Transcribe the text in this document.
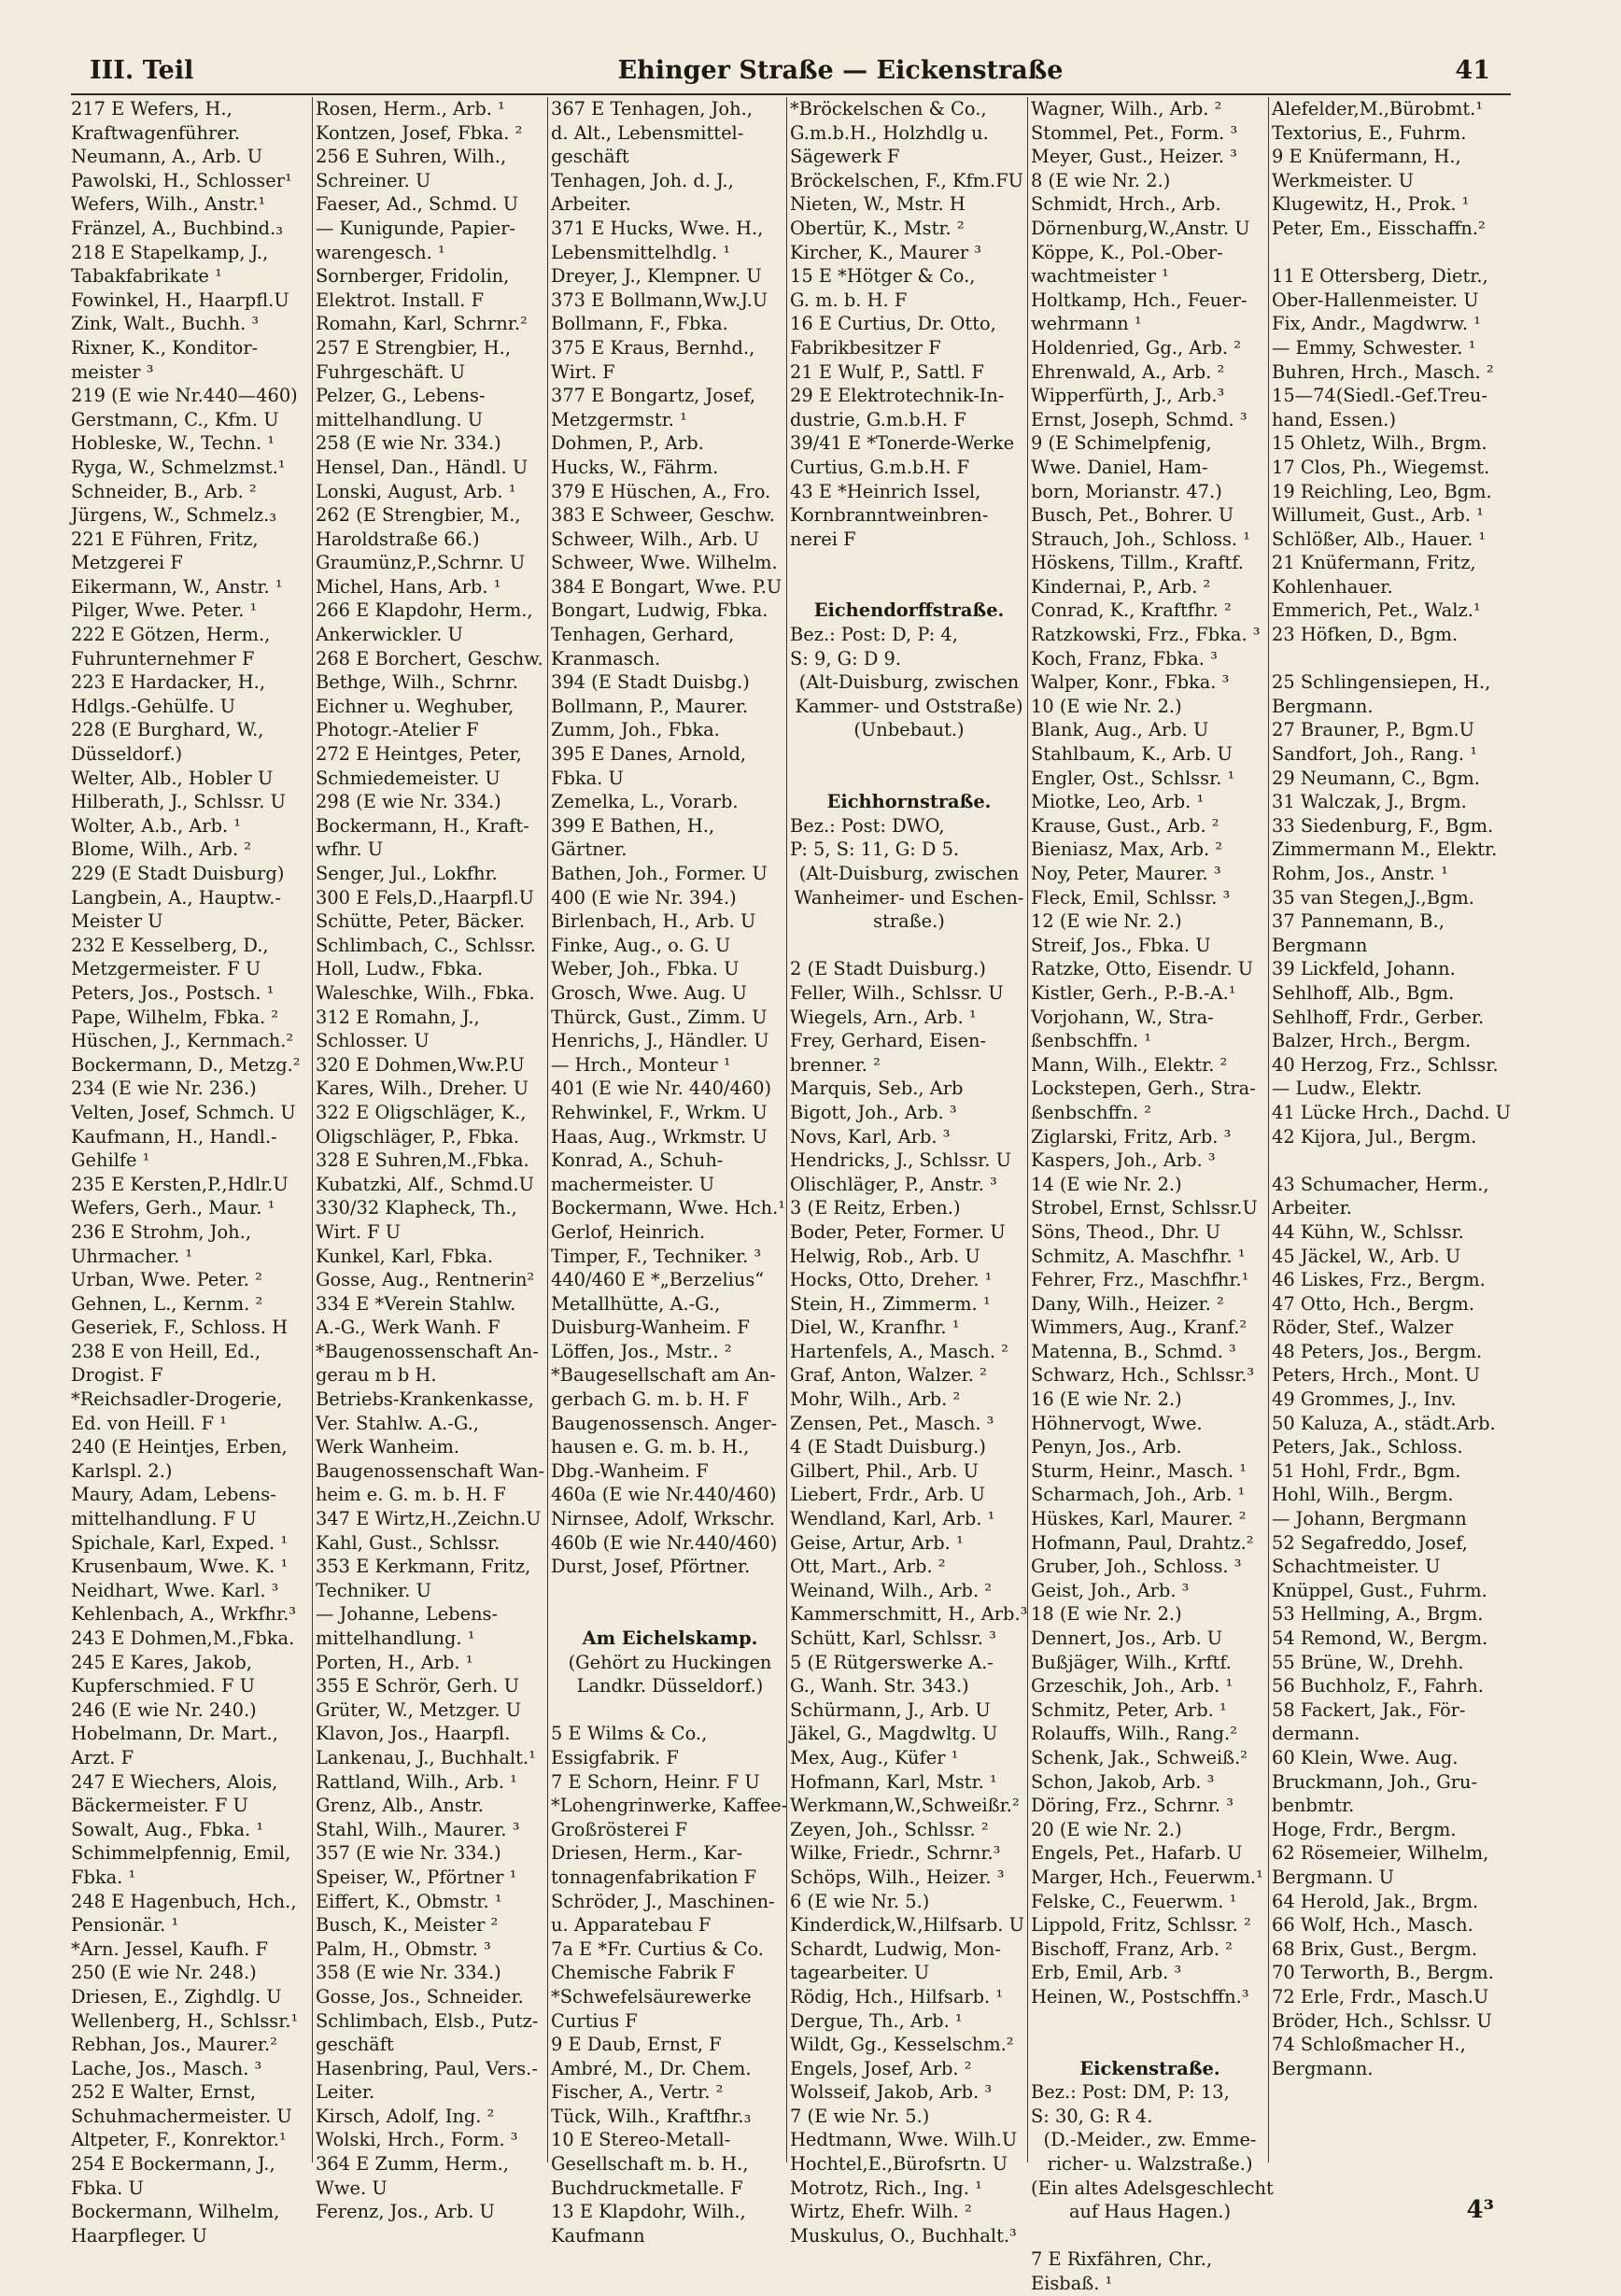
III. Teil	Ehinger Straße — Eickenstraße	41
217 E Wefers, H.,
Kraftwagenführer.
Neumann, A., Arb. U
Pawolski, H., Schlosser¹
Wefers, Wilh., Anstr.¹
Fränzel, A., Buchbind.₃
218 E Stapelkamp, J.,
Tabakfabrikate ¹
Fowinkel, H., Haarpfl.U
Zink, Walt., Buchh. ³
Rixner, K., Konditor-
meister ³
219 (E wie Nr.440—460)
Gerstmann, C., Kfm. U
Hobleske, W., Techn. ¹
Ryga, W., Schmelzmst.¹
Schneider, B., Arb. ²
Jürgens, W., Schmelz.₃
221 E Führen, Fritz,
Metzgerei F
Eikermann, W., Anstr. ¹
Pilger, Wwe. Peter. ¹
222 E Götzen, Herm.,
Fuhrunternehmer F
223 E Hardacker, H.,
Hdlgs.-Gehülfe. U
228 (E Burghard, W.,
Düsseldorf.)
Welter, Alb., Hobler U
Hilberath, J., Schlssr. U
Wolter, A.b., Arb. ¹
Blome, Wilh., Arb. ²
229 (E Stadt Duisburg)
Langbein, A., Hauptw.-
Meister U
232 E Kesselberg, D.,
Metzgermeister. F U
Peters, Jos., Postsch. ¹
Pape, Wilhelm, Fbka. ²
Hüschen, J., Kernmach.²
Bockermann, D., Metzg.²
234 (E wie Nr. 236.)
Velten, Josef, Schmch. U
Kaufmann, H., Handl.-
Gehilfe ¹
235 E Kersten,P.,Hdlr.U
Wefers, Gerh., Maur. ¹
236 E Strohm, Joh.,
Uhrmacher. ¹
Urban, Wwe. Peter. ²
Gehnen, L., Kernm. ²
Geseriek, F., Schloss. H
238 E von Heill, Ed.,
Drogist. F
*Reichsadler-Drogerie,
Ed. von Heill. F ¹
240 (E Heintjes, Erben,
Karlspl. 2.)
Maury, Adam, Lebens-
mittelhandlung. F U
Spichale, Karl, Exped. ¹
Krusenbaum, Wwe. K. ¹
Neidhart, Wwe. Karl. ³
Kehlenbach, A., Wrkfhr.³
243 E Dohmen,M.,Fbka.
245 E Kares, Jakob,
Kupferschmied. F U
246 (E wie Nr. 240.)
Hobelmann, Dr. Mart.,
Arzt. F
247 E Wiechers, Alois,
Bäckermeister. F U
Sowalt, Aug., Fbka. ¹
Schimmelpfennig, Emil,
Fbka. ¹
248 E Hagenbuch, Hch.,
Pensionär. ¹
*Arn. Jessel, Kaufh. F
250 (E wie Nr. 248.)
Driesen, E., Zighdlg. U
Wellenberg, H., Schlssr.¹
Rebhan, Jos., Maurer.²
Lache, Jos., Masch. ³
252 E Walter, Ernst,
Schuhmachermeister. U
Altpeter, F., Konrektor.¹
254 E Bockermann, J.,
Fbka. U
Bockermann, Wilhelm,
Haarpfleger. U
Rosen, Herm., Arb. ¹
Kontzen, Josef, Fbka. ²
256 E Suhren, Wilh.,
Schreiner. U
Faeser, Ad., Schmd. U
— Kunigunde, Papier-
warengesch. ¹
Sornberger, Fridolin,
Elektrot. Install. F
Romahn, Karl, Schrnr.²
257 E Strengbier, H.,
Fuhrgeschäft. U
Pelzer, G., Lebens-
mittelhandlung. U
258 (E wie Nr. 334.)
Hensel, Dan., Händl. U
Lonski, August, Arb. ¹
262 (E Strengbier, M.,
Haroldstraße 66.)
Graumünz,P.,Schrnr. U
Michel, Hans, Arb. ¹
266 E Klapdohr, Herm.,
Ankerwickler. U
268 E Borchert, Geschw.
Bethge, Wilh., Schrnr.
Eichner u. Weghuber,
Photogr.-Atelier F
272 E Heintges, Peter,
Schmiedemeister. U
298 (E wie Nr. 334.)
Bockermann, H., Kraft-
wfhr. U
Senger, Jul., Lokfhr.
300 E Fels,D.,Haarpfl.U
Schütte, Peter, Bäcker.
Schlimbach, C., Schlssr.
Holl, Ludw., Fbka.
Waleschke, Wilh., Fbka.
312 E Romahn, J.,
Schlosser. U
320 E Dohmen,Ww.P.U
Kares, Wilh., Dreher. U
322 E Oligschläger, K.,
Oligschläger, P., Fbka.
328 E Suhren,M.,Fbka.
Kubatzki, Alf., Schmd.U
330/32 Klapheck, Th.,
Wirt. F U
Kunkel, Karl, Fbka.
Gosse, Aug., Rentnerin²
334 E *Verein Stahlw.
A.-G., Werk Wanh. F
*Baugenossenschaft An-
gerau m b H.
Betriebs-Krankenkasse,
Ver. Stahlw. A.-G.,
Werk Wanheim.
Baugenossenschaft Wan-
heim e. G. m. b. H. F
347 E Wirtz,H.,Zeichn.U
Kahl, Gust., Schlssr.
353 E Kerkmann, Fritz,
Techniker. U
— Johanne, Lebens-
mittelhandlung. ¹
Porten, H., Arb. ¹
355 E Schrör, Gerh. U
Grüter, W., Metzger. U
Klavon, Jos., Haarpfl.
Lankenau, J., Buchhalt.¹
Rattland, Wilh., Arb. ¹
Grenz, Alb., Anstr.
Stahl, Wilh., Maurer. ³
357 (E wie Nr. 334.)
Speiser, W., Pförtner ¹
Eiffert, K., Obmstr. ¹
Busch, K., Meister ²
Palm, H., Obmstr. ³
358 (E wie Nr. 334.)
Gosse, Jos., Schneider.
Schlimbach, Elsb., Putz-
geschäft
Hasenbring, Paul, Vers.-
Leiter.
Kirsch, Adolf, Ing. ²
Wolski, Hrch., Form. ³
364 E Zumm, Herm.,
Wwe. U
Ferenz, Jos., Arb. U
367 E Tenhagen, Joh.,
d. Alt., Lebensmittel-
geschäft
Tenhagen, Joh. d. J.,
Arbeiter.
371 E Hucks, Wwe. H.,
Lebensmittelhdlg. ¹
Dreyer, J., Klempner. U
373 E Bollmann,Ww.J.U
Bollmann, F., Fbka.
375 E Kraus, Bernhd.,
Wirt. F
377 E Bongartz, Josef,
Metzgermstr. ¹
Dohmen, P., Arb.
Hucks, W., Fährm.
379 E Hüschen, A., Fro.
383 E Schweer, Geschw.
Schweer, Wilh., Arb. U
Schweer, Wwe. Wilhelm.
384 E Bongart, Wwe. P.U
Bongart, Ludwig, Fbka.
Tenhagen, Gerhard,
Kranmasch.
394 (E Stadt Duisbg.)
Bollmann, P., Maurer.
Zumm, Joh., Fbka.
395 E Danes, Arnold,
Fbka. U
Zemelka, L., Vorarb.
399 E Bathen, H.,
Gärtner.
Bathen, Joh., Former. U
400 (E wie Nr. 394.)
Birlenbach, H., Arb. U
Finke, Aug., o. G. U
Weber, Joh., Fbka. U
Grosch, Wwe. Aug. U
Thürck, Gust., Zimm. U
Henrichs, J., Händler. U
— Hrch., Monteur ¹
401 (E wie Nr. 440/460)
Rehwinkel, F., Wrkm. U
Haas, Aug., Wrkmstr. U
Konrad, A., Schuh-
machermeister. U
Bockermann, Wwe. Hch.¹
Gerlof, Heinrich.
Timper, F., Techniker. ³
440/460 E *„Berzelius“
Metallhütte, A.-G.,
Duisburg-Wanheim. F
Löffen, Jos., Mstr.. ²
*Baugesellschaft am An-
gerbach G. m. b. H. F
Baugenossensch. Anger-
hausen e. G. m. b. H.,
Dbg.-Wanheim. F
460a (E wie Nr.440/460)
Nirnsee, Adolf, Wrkschr.
460b (E wie Nr.440/460)
Durst, Josef, Pförtner.
Am Eichelskamp.
(Gehört zu Huckingen
Landkr. Düsseldorf.)
5 E Wilms & Co.,
Essigfabrik. F
7 E Schorn, Heinr. F U
*Lohengrinwerke, Kaffee-
Großrösterei F
Driesen, Herm., Kar-
tonnagenfabrikation F
Schröder, J., Maschinen-
u. Apparatebau F
7a E *Fr. Curtius & Co.
Chemische Fabrik F
*Schwefelsäurewerke
Curtius F
9 E Daub, Ernst, F
Ambré, M., Dr. Chem.
Fischer, A., Vertr. ²
Tück, Wilh., Kraftfhr.₃
10 E Stereo-Metall-
Gesellschaft m. b. H.,
Buchdruckmetalle. F
13 E Klapdohr, Wilh.,
Kaufmann
*Bröckelschen & Co.,
G.m.b.H., Holzhdlg u.
Sägewerk F
Bröckelschen, F., Kfm.FU
Nieten, W., Mstr. H
Obertür, K., Mstr. ²
Kircher, K., Maurer ³
15 E *Hötger & Co.,
G. m. b. H. F
16 E Curtius, Dr. Otto,
Fabrikbesitzer F
21 E Wulf, P., Sattl. F
29 E Elektrotechnik-In-
dustrie, G.m.b.H. F
39/41 E *Tonerde-Werke
Curtius, G.m.b.H. F
43 E *Heinrich Issel,
Kornbranntweinbren-
nerei F
Eichendorffstraße.
Bez.: Post: D, P: 4,
S: 9, G: D 9.
(Alt-Duisburg, zwischen
Kammer- und Oststraße)
(Unbebaut.)
Eichhornstraße.
Bez.: Post: DWO,
P: 5, S: 11, G: D 5.
(Alt-Duisburg, zwischen
Wanheimer- und Eschen-
straße.)
2 (E Stadt Duisburg.)
Feller, Wilh., Schlssr. U
Wiegels, Arn., Arb. ¹
Frey, Gerhard, Eisen-
brenner. ²
Marquis, Seb., Arb
Bigott, Joh., Arb. ³
Novs, Karl, Arb. ³
Hendricks, J., Schlssr. U
Olischläger, P., Anstr. ³
3 (E Reitz, Erben.)
Boder, Peter, Former. U
Helwig, Rob., Arb. U
Hocks, Otto, Dreher. ¹
Stein, H., Zimmerm. ¹
Diel, W., Kranfhr. ¹
Hartenfels, A., Masch. ²
Graf, Anton, Walzer. ²
Mohr, Wilh., Arb. ²
Zensen, Pet., Masch. ³
4 (E Stadt Duisburg.)
Gilbert, Phil., Arb. U
Liebert, Frdr., Arb. U
Wendland, Karl, Arb. ¹
Geise, Artur, Arb. ¹
Ott, Mart., Arb. ²
Weinand, Wilh., Arb. ²
Kammerschmitt, H., Arb.³
Schütt, Karl, Schlssr. ³
5 (E Rütgerswerke A.-
G., Wanh. Str. 343.)
Schürmann, J., Arb. U
Jäkel, G., Magdwltg. U
Mex, Aug., Küfer ¹
Hofmann, Karl, Mstr. ¹
Werkmann,W.,Schweißr.²
Zeyen, Joh., Schlssr. ²
Wilke, Friedr., Schrnr.³
Schöps, Wilh., Heizer. ³
6 (E wie Nr. 5.)
Kinderdick,W.,Hilfsarb. U
Schardt, Ludwig, Mon-
tagearbeiter. U
Rödig, Hch., Hilfsarb. ¹
Dergue, Th., Arb. ¹
Wildt, Gg., Kesselschm.²
Engels, Josef, Arb. ²
Wolsseif, Jakob, Arb. ³
7 (E wie Nr. 5.)
Hedtmann, Wwe. Wilh.U
Hochtel,E.,Bürofsrtn. U
Motrotz, Rich., Ing. ¹
Wirtz, Ehefr. Wilh. ²
Muskulus, O., Buchhalt.³
Wagner, Wilh., Arb. ²
Stommel, Pet., Form. ³
Meyer, Gust., Heizer. ³
8 (E wie Nr. 2.)
Schmidt, Hrch., Arb.
Dörnenburg,W.,Anstr. U
Köppe, K., Pol.-Ober-
wachtmeister ¹
Holtkamp, Hch., Feuer-
wehrmann ¹
Holdenried, Gg., Arb. ²
Ehrenwald, A., Arb. ²
Wipperfürth, J., Arb.³
Ernst, Joseph, Schmd. ³
9 (E Schimelpfenig,
Wwe. Daniel, Ham-
born, Morianstr. 47.)
Busch, Pet., Bohrer. U
Strauch, Joh., Schloss. ¹
Höskens, Tillm., Kraftf.
Kindernai, P., Arb. ²
Conrad, K., Kraftfhr. ²
Ratzkowski, Frz., Fbka. ³
Koch, Franz, Fbka. ³
Walper, Konr., Fbka. ³
10 (E wie Nr. 2.)
Blank, Aug., Arb. U
Stahlbaum, K., Arb. U
Engler, Ost., Schlssr. ¹
Miotke, Leo, Arb. ¹
Krause, Gust., Arb. ²
Bieniasz, Max, Arb. ²
Noy, Peter, Maurer. ³
Fleck, Emil, Schlssr. ³
12 (E wie Nr. 2.)
Streif, Jos., Fbka. U
Ratzke, Otto, Eisendr. U
Kistler, Gerh., P.-B.-A.¹
Vorjohann, W., Stra-
ßenbschffn. ¹
Mann, Wilh., Elektr. ²
Lockstepen, Gerh., Stra-
ßenbschffn. ²
Ziglarski, Fritz, Arb. ³
Kaspers, Joh., Arb. ³
14 (E wie Nr. 2.)
Strobel, Ernst, Schlssr.U
Söns, Theod., Dhr. U
Schmitz, A. Maschfhr. ¹
Fehrer, Frz., Maschfhr.¹
Dany, Wilh., Heizer. ²
Wimmers, Aug., Kranf.²
Matenna, B., Schmd. ³
Schwarz, Hch., Schlssr.³
16 (E wie Nr. 2.)
Höhnervogt, Wwe.
Penyn, Jos., Arb.
Sturm, Heinr., Masch. ¹
Scharmach, Joh., Arb. ¹
Hüskes, Karl, Maurer. ²
Hofmann, Paul, Drahtz.²
Gruber, Joh., Schloss. ³
Geist, Joh., Arb. ³
18 (E wie Nr. 2.)
Dennert, Jos., Arb. U
Bußjäger, Wilh., Krftf.
Grzeschik, Joh., Arb. ¹
Schmitz, Peter, Arb. ¹
Rolauffs, Wilh., Rang.²
Schenk, Jak., Schweiß.²
Schon, Jakob, Arb. ³
Döring, Frz., Schrnr. ³
20 (E wie Nr. 2.)
Engels, Pet., Hafarb. U
Marger, Hch., Feuerwm.¹
Felske, C., Feuerwm. ¹
Lippold, Fritz, Schlssr. ²
Bischoff, Franz, Arb. ²
Erb, Emil, Arb. ³
Heinen, W., Postschffn.³
Eickenstraße.
Bez.: Post: DM, P: 13,
S: 30, G: R 4.
(D.-Meider., zw. Emme-
richer- u. Walzstraße.)
(Ein altes Adelsgeschlecht
auf Haus Hagen.)
7 E Rixfähren, Chr.,
Eisbaß. ¹
Alefelder,M.,Bürobmt.¹
Textorius, E., Fuhrm.
9 E Knüfermann, H.,
Werkmeister. U
Klugewitz, H., Prok. ¹
Peter, Em., Eisschaffn.²
11 E Ottersberg, Dietr.,
Ober-Hallenmeister. U
Fix, Andr., Magdwrw. ¹
— Emmy, Schwester. ¹
Buhren, Hrch., Masch. ²
15—74(Siedl.-Gef.Treu-
hand, Essen.)
15 Ohletz, Wilh., Brgm.
17 Clos, Ph., Wiegemst.
19 Reichling, Leo, Bgm.
Willumeit, Gust., Arb. ¹
Schlößer, Alb., Hauer. ¹
21 Knüfermann, Fritz,
Kohlenhauer.
Emmerich, Pet., Walz.¹
23 Höfken, D., Bgm.
25 Schlingensiepen, H.,
Bergmann.
27 Brauner, P., Bgm.U
Sandfort, Joh., Rang. ¹
29 Neumann, C., Bgm.
31 Walczak, J., Brgm.
33 Siedenburg, F., Bgm.
Zimmermann M., Elektr.
Rohm, Jos., Anstr. ¹
35 van Stegen,J.,Bgm.
37 Pannemann, B.,
Bergmann
39 Lickfeld, Johann.
Sehlhoff, Alb., Bgm.
Sehlhoff, Frdr., Gerber.
Balzer, Hrch., Bergm.
40 Herzog, Frz., Schlssr.
— Ludw., Elektr.
41 Lücke Hrch., Dachd. U
42 Kijora, Jul., Bergm.
43 Schumacher, Herm.,
Arbeiter.
44 Kühn, W., Schlssr.
45 Jäckel, W., Arb. U
46 Liskes, Frz., Bergm.
47 Otto, Hch., Bergm.
Röder, Stef., Walzer
48 Peters, Jos., Bergm.
Peters, Hrch., Mont. U
49 Grommes, J., Inv.
50 Kaluza, A., städt.Arb.
Peters, Jak., Schloss.
51 Hohl, Frdr., Bgm.
Hohl, Wilh., Bergm.
— Johann, Bergmann
52 Segafreddo, Josef,
Schachtmeister. U
Knüppel, Gust., Fuhrm.
53 Hellming, A., Brgm.
54 Remond, W., Bergm.
55 Brüne, W., Drehh.
56 Buchholz, F., Fahrh.
58 Fackert, Jak., För-
dermann.
60 Klein, Wwe. Aug.
Bruckmann, Joh., Gru-
benbmtr.
Hoge, Frdr., Bergm.
62 Rösemeier, Wilhelm,
Bergmann. U
64 Herold, Jak., Brgm.
66 Wolf, Hch., Masch.
68 Brix, Gust., Bergm.
70 Terworth, B., Bergm.
72 Erle, Frdr., Masch.U
Bröder, Hch., Schlssr. U
74 Schloßmacher H.,
Bergmann.
4³
